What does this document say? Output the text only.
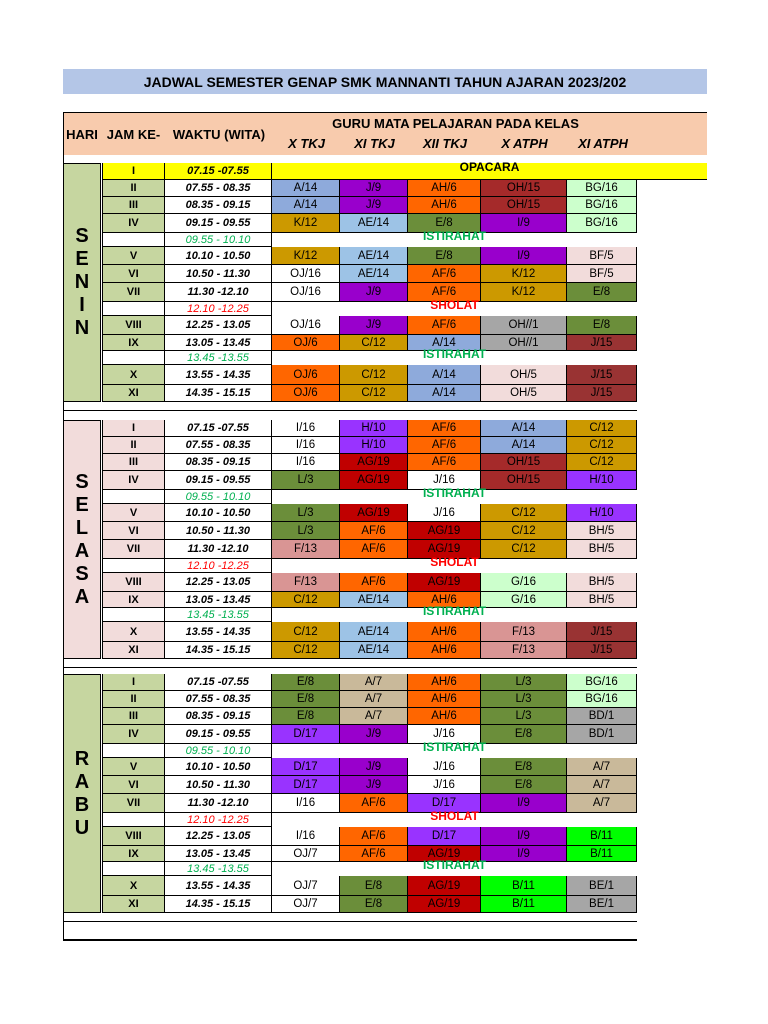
JADWAL SEMESTER GENAP SMK MANNANTI TAHUN AJARAN 2023/202
HARI JAM KE- WAKTU (WITA)
GURU MATA PELAJARAN PADA KELAS
X TKJ	XI TKJ	XII TKJ	X ATPH	XI ATPH
S
E
N
I
N
I	07.15 -07.55	OPACARA
II	07.55 - 08.35	A/14	J/9	AH/6	OH/15	BG/16
III	08.35 - 09.15	A/14	J/9	AH/6	OH/15	BG/16
IV	09.15 - 09.55	K/12	AE/14	E/8	I/9	BG/16
09.55 - 10.10	ISTIRAHAT
V	10.10 - 10.50	K/12	AE/14	E/8	I/9	BF/5
VI	10.50 - 11.30	OJ/16	AE/14	AF/6	K/12	BF/5
VII	11.30 -12.10	OJ/16	J/9	AF/6	K/12	E/8
12.10 -12.25	SHOLAT
VIII	12.25 - 13.05	OJ/16	J/9	AF/6	OH//1	E/8
IX	13.05 - 13.45	OJ/6	C/12	A/14	OH//1	J/15
13.45 -13.55	ISTIRAHAT
X	13.55 - 14.35	OJ/6	C/12	A/14	OH/5	J/15
XI	14.35 - 15.15	OJ/6	C/12	A/14	OH/5	J/15
S
E
L
A
S
A
I	07.15 -07.55	I/16	H/10	AF/6	A/14	C/12
II	07.55 - 08.35	I/16	H/10	AF/6	A/14	C/12
III	08.35 - 09.15	I/16	AG/19	AF/6	OH/15	C/12
IV	09.15 - 09.55	L/3	AG/19	J/16	OH/15	H/10
09.55 - 10.10	ISTIRAHAT
V	10.10 - 10.50	L/3	AG/19	J/16	C/12	H/10
VI	10.50 - 11.30	L/3	AF/6	AG/19	C/12	BH/5
VII	11.30 -12.10	F/13	AF/6	AG/19	C/12	BH/5
12.10 -12.25	SHOLAT
VIII	12.25 - 13.05	F/13	AF/6	AG/19	G/16	BH/5
IX	13.05 - 13.45	C/12	AE/14	AH/6	G/16	BH/5
13.45 -13.55	ISTIRAHAT
X	13.55 - 14.35	C/12	AE/14	AH/6	F/13	J/15
XI	14.35 - 15.15	C/12	AE/14	AH/6	F/13	J/15
R
A
B
U
I	07.15 -07.55	E/8	A/7	AH/6	L/3	BG/16
II	07.55 - 08.35	E/8	A/7	AH/6	L/3	BG/16
III	08.35 - 09.15	E/8	A/7	AH/6	L/3	BD/1
IV	09.15 - 09.55	D/17	J/9	J/16	E/8	BD/1
09.55 - 10.10	ISTIRAHAT
V	10.10 - 10.50	D/17	J/9	J/16	E/8	A/7
VI	10.50 - 11.30	D/17	J/9	J/16	E/8	A/7
VII	11.30 -12.10	I/16	AF/6	D/17	I/9	A/7
12.10 -12.25	SHOLAT
VIII	12.25 - 13.05	I/16	AF/6	D/17	I/9	B/11
IX	13.05 - 13.45	OJ/7	AF/6	AG/19	I/9	B/11
13.45 -13.55	ISTIRAHAT
X	13.55 - 14.35	OJ/7	E/8	AG/19	B/11	BE/1
XI	14.35 - 15.15	OJ/7	E/8	AG/19	B/11	BE/1
